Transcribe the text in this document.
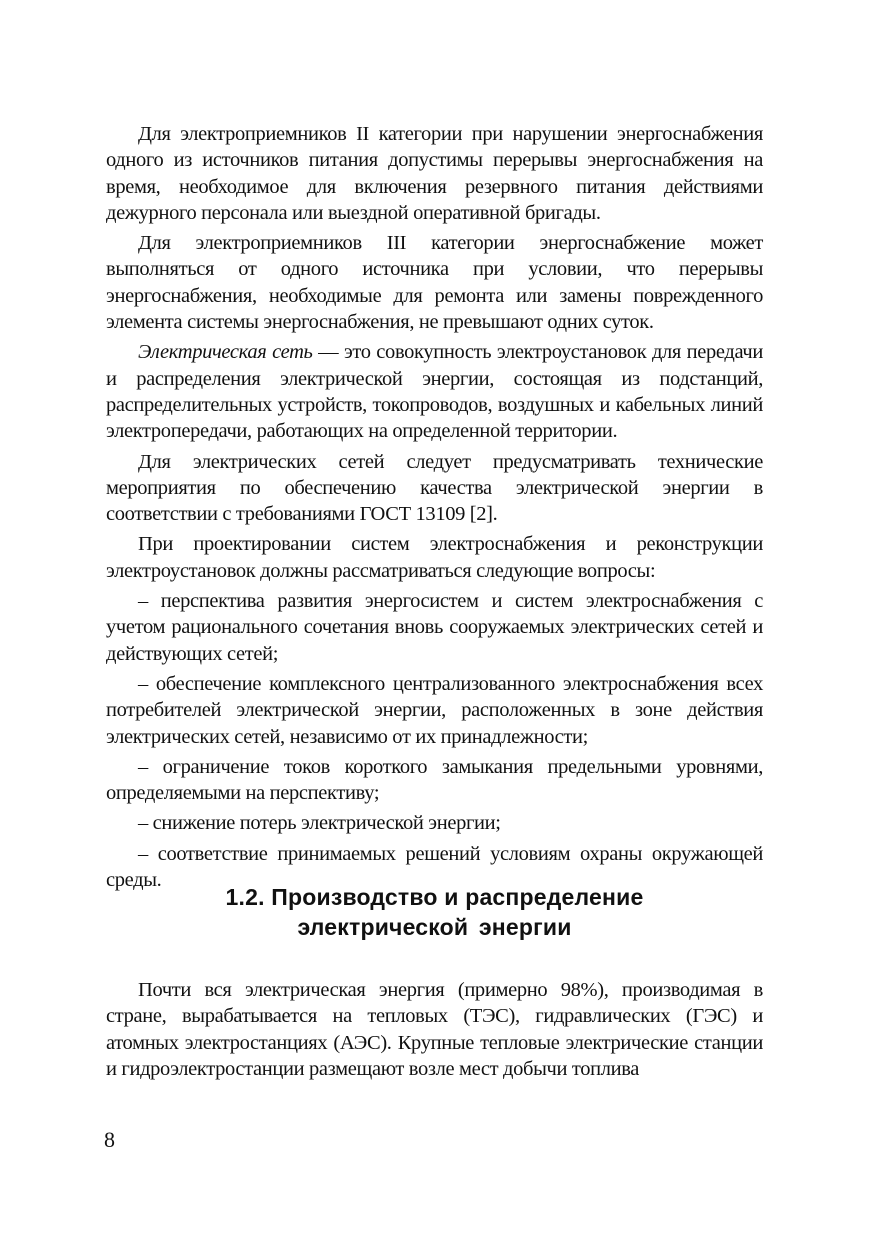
Для электроприемников II категории при нарушении энергоснабжения одного из источников питания допустимы перерывы энергоснабжения на время, необходимое для включения резервного питания действиями дежурного персонала или выездной оперативной бригады.

Для электроприемников III категории энергоснабжение может выполняться от одного источника при условии, что перерывы энергоснабжения, необходимые для ремонта или замены поврежденного элемента системы энергоснабжения, не превышают одних суток.

Электрическая сеть — это совокупность электроустановок для передачи и распределения электрической энергии, состоящая из подстанций, распределительных устройств, токопроводов, воздушных и кабельных линий электропередачи, работающих на определенной территории.

Для электрических сетей следует предусматривать технические мероприятия по обеспечению качества электрической энергии в соответствии с требованиями ГОСТ 13109 [2].

При проектировании систем электроснабжения и реконструкции электроустановок должны рассматриваться следующие вопросы:

– перспектива развития энергосистем и систем электроснабжения с учетом рационального сочетания вновь сооружаемых электрических сетей и действующих сетей;

– обеспечение комплексного централизованного электроснабжения всех потребителей электрической энергии, расположенных в зоне действия электрических сетей, независимо от их принадлежности;

– ограничение токов короткого замыкания предельными уровнями, определяемыми на перспективу;

– снижение потерь электрической энергии;

– соответствие принимаемых решений условиям охраны окружающей среды.

1.2. Производство и распределение
электрической энергии

Почти вся электрическая энергия (примерно 98%), производимая в стране, вырабатывается на тепловых (ТЭС), гидравлических (ГЭС) и атомных электростанциях (АЭС). Крупные тепловые электрические станции и гидроэлектростанции размещают возле мест добычи топлива

8
